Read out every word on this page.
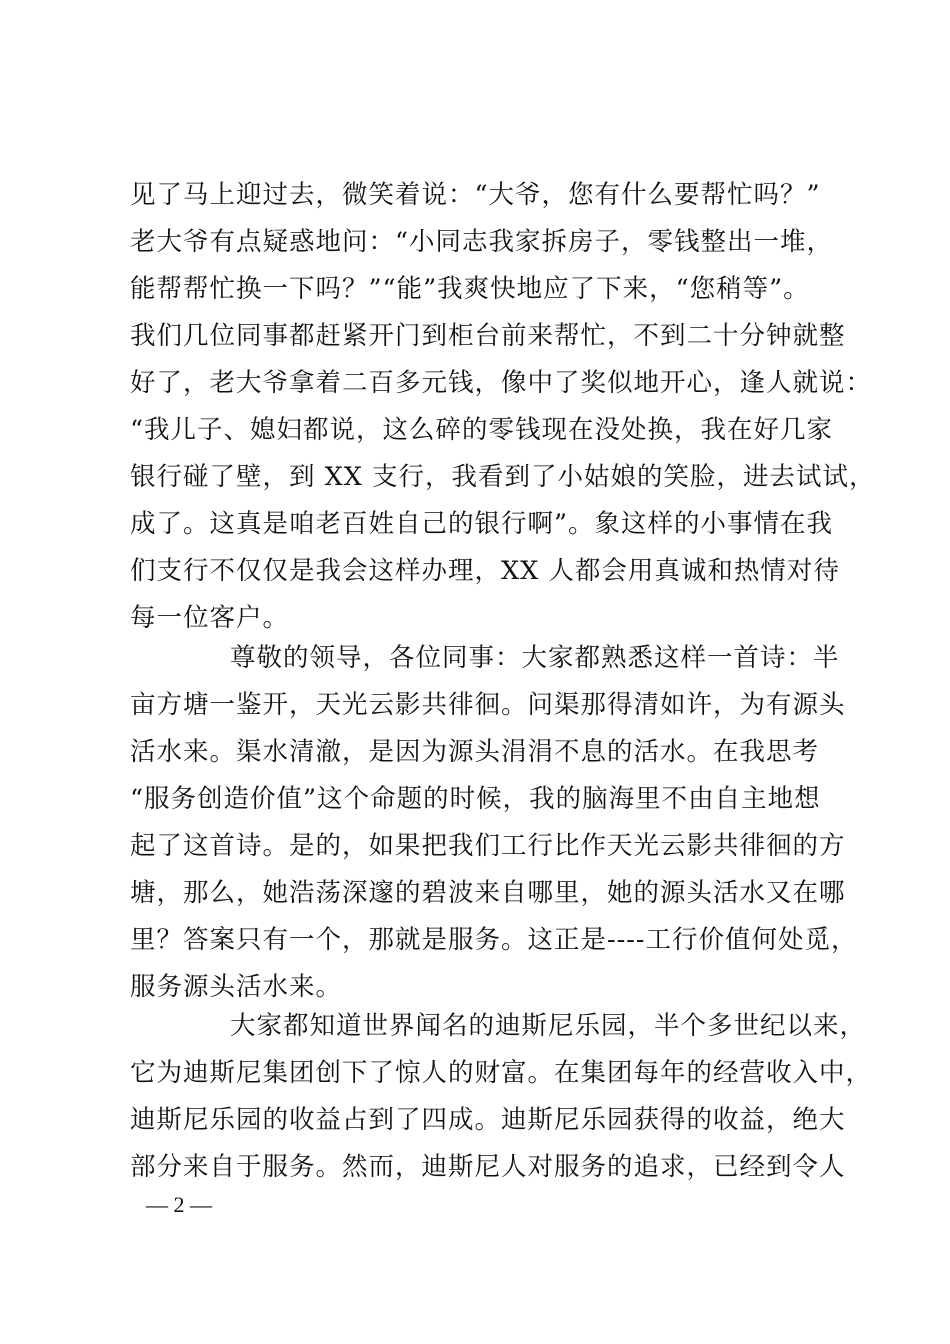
见了马上迎过去，微笑着说：“大爷，您有什么要帮忙吗？”
老大爷有点疑惑地问：“小同志我家拆房子，零钱整出一堆，
能帮帮忙换一下吗？”“能”我爽快地应了下来，“您稍等”。
我们几位同事都赶紧开门到柜台前来帮忙，不到二十分钟就整
好了，老大爷拿着二百多元钱，像中了奖似地开心，逢人就说：
“我儿子、媳妇都说，这么碎的零钱现在没处换，我在好几家
银行碰了壁，到 XX 支行，我看到了小姑娘的笑脸，进去试试，
成了。这真是咱老百姓自己的银行啊”。象这样的小事情在我
们支行不仅仅是我会这样办理，XX 人都会用真诚和热情对待
每一位客户。
尊敬的领导，各位同事：大家都熟悉这样一首诗：半
亩方塘一鉴开，天光云影共徘徊。问渠那得清如许，为有源头
活水来。渠水清澈，是因为源头涓涓不息的活水。在我思考
“服务创造价值”这个命题的时候，我的脑海里不由自主地想
起了这首诗。是的，如果把我们工行比作天光云影共徘徊的方
塘，那么，她浩荡深邃的碧波来自哪里，她的源头活水又在哪
里？答案只有一个，那就是服务。这正是----工行价值何处觅，
服务源头活水来。
大家都知道世界闻名的迪斯尼乐园，半个多世纪以来，
它为迪斯尼集团创下了惊人的财富。在集团每年的经营收入中，
迪斯尼乐园的收益占到了四成。迪斯尼乐园获得的收益，绝大
部分来自于服务。然而，迪斯尼人对服务的追求，已经到令人
— 2 —
